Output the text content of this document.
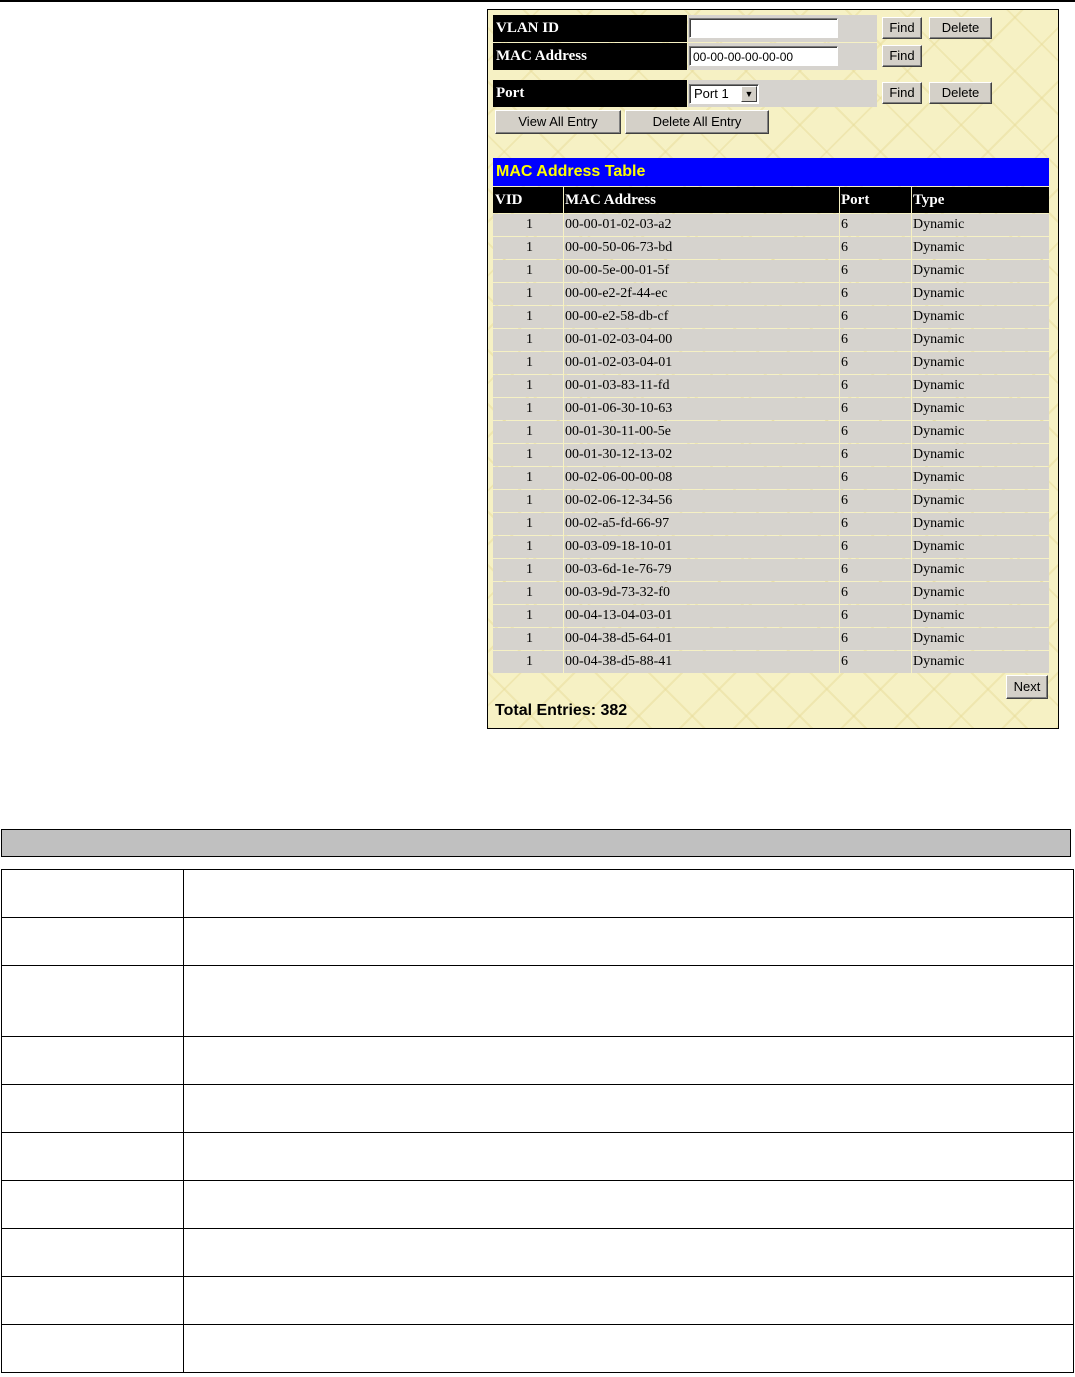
VLAN ID	Find	Delete
MAC Address	00-00-00-00-00-00	Find
Port	Port 1	▼	Find	Delete
View All Entry	Delete All Entry
MAC Address Table
VID	MAC Address	Port	Type
1 00-00-01-02-03-a2	6	Dynamic
1 00-00-50-06-73-bd	6	Dynamic
1 00-00-5e-00-01-5f	6	Dynamic
1 00-00-e2-2f-44-ec	6	Dynamic
1 00-00-e2-58-db-cf	6	Dynamic
1 00-01-02-03-04-00	6	Dynamic
1 00-01-02-03-04-01	6	Dynamic
1 00-01-03-83-11-fd	6	Dynamic
1 00-01-06-30-10-63	6	Dynamic
1 00-01-30-11-00-5e	6	Dynamic
1 00-01-30-12-13-02	6	Dynamic
1 00-02-06-00-00-08	6	Dynamic
1 00-02-06-12-34-56	6	Dynamic
1 00-02-a5-fd-66-97	6	Dynamic
1 00-03-09-18-10-01	6	Dynamic
1 00-03-6d-1e-76-79	6	Dynamic
1 00-03-9d-73-32-f0	6	Dynamic
1 00-04-13-04-03-01	6	Dynamic
1 00-04-38-d5-64-01	6	Dynamic
1 00-04-38-d5-88-41	6	Dynamic
Next
Total Entries: 382
